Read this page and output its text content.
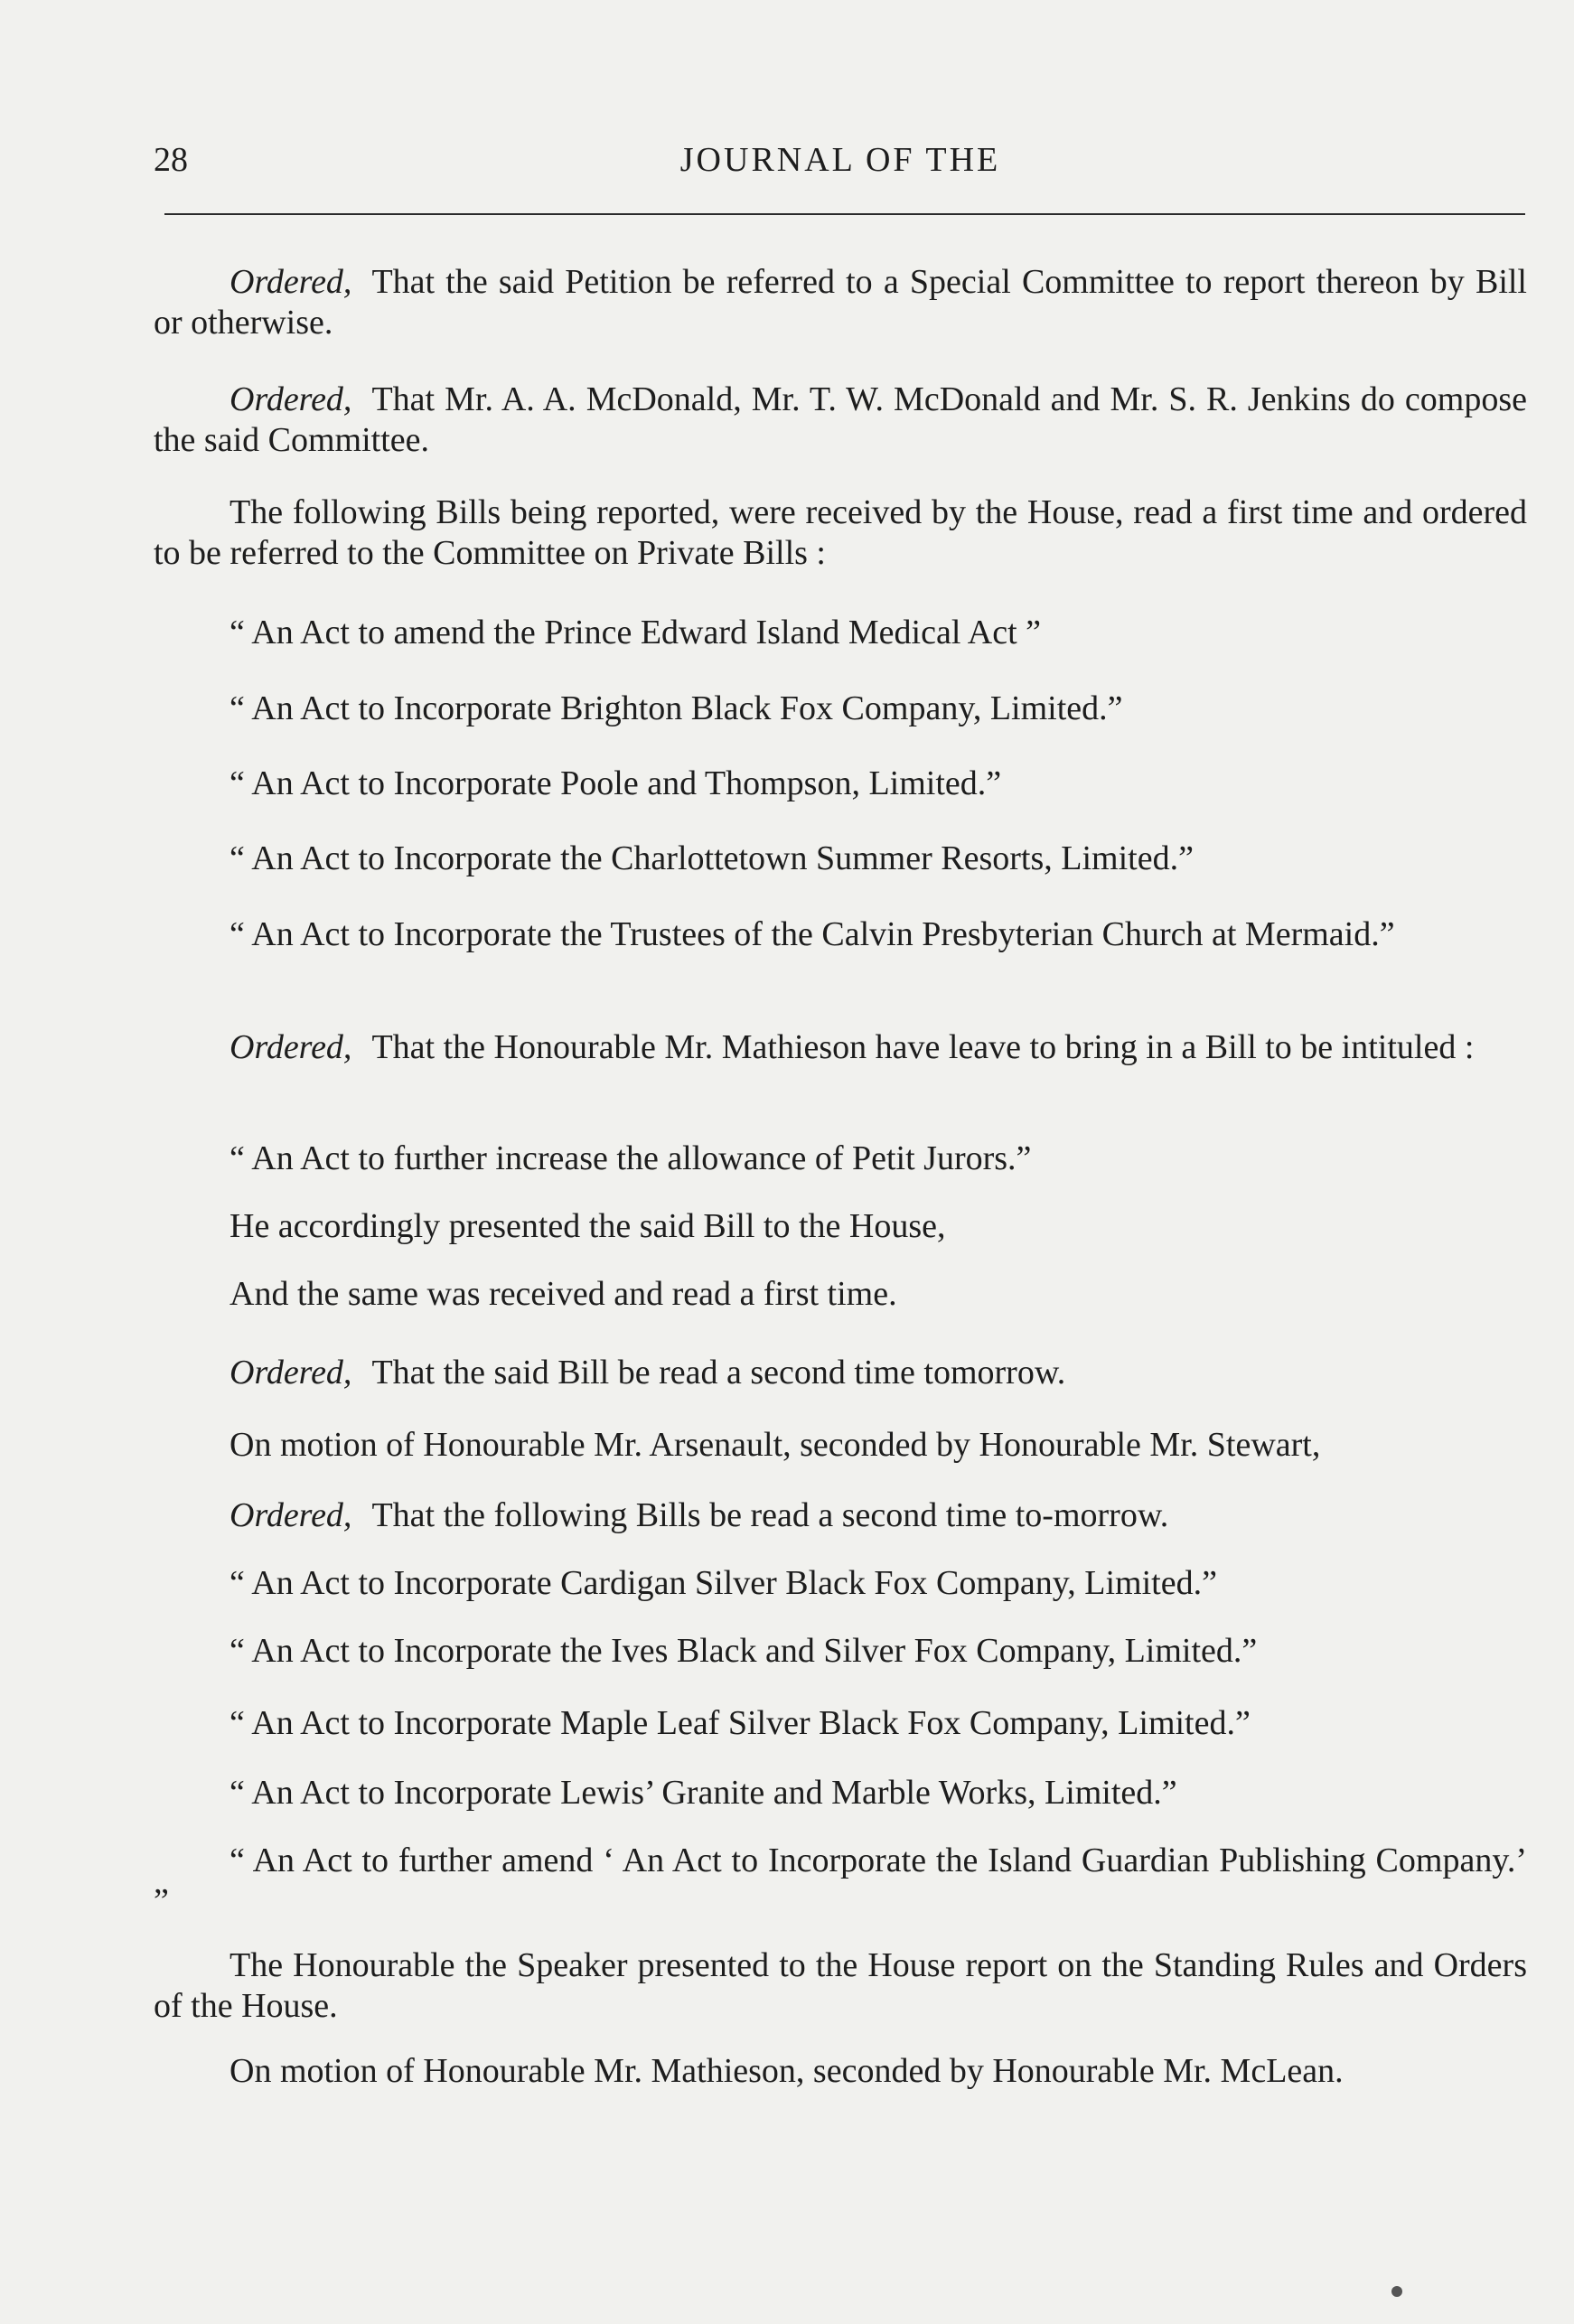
28	JOURNAL OF THE

Ordered, That the said Petition be referred to a Special Committee to report thereon by Bill or otherwise.

Ordered, That Mr. A. A. McDonald, Mr. T. W. McDonald and Mr. S. R. Jenkins do compose the said Committee.

The following Bills being reported, were received by the House, read a first time and ordered to be referred to the Committee on Private Bills :

“ An Act to amend the Prince Edward Island Medical Act ”

“ An Act to Incorporate Brighton Black Fox Company, Limited.”

“ An Act to Incorporate Poole and Thompson, Limited.”

“ An Act to Incorporate the Charlottetown Summer Resorts, Limited.”

“ An Act to Incorporate the Trustees of the Calvin Presbyterian Church at Mermaid.”

Ordered, That the Honourable Mr. Mathieson have leave to bring in a Bill to be intituled :

“ An Act to further increase the allowance of Petit Jurors.”

He accordingly presented the said Bill to the House,

And the same was received and read a first time.

Ordered, That the said Bill be read a second time tomorrow.

On motion of Honourable Mr. Arsenault, seconded by Honourable Mr. Stewart,

Ordered, That the following Bills be read a second time to-morrow.

“ An Act to Incorporate Cardigan Silver Black Fox Company, Limited.”

“ An Act to Incorporate the Ives Black and Silver Fox Company, Limited.”

“ An Act to Incorporate Maple Leaf Silver Black Fox Company, Limited.”

“ An Act to Incorporate Lewis’ Granite and Marble Works, Limited.”

“ An Act to further amend ‘ An Act to Incorporate the Island Guardian Publishing Company.’ ”

The Honourable the Speaker presented to the House report on the Standing Rules and Orders of the House.

On motion of Honourable Mr. Mathieson, seconded by Honourable Mr. McLean.
